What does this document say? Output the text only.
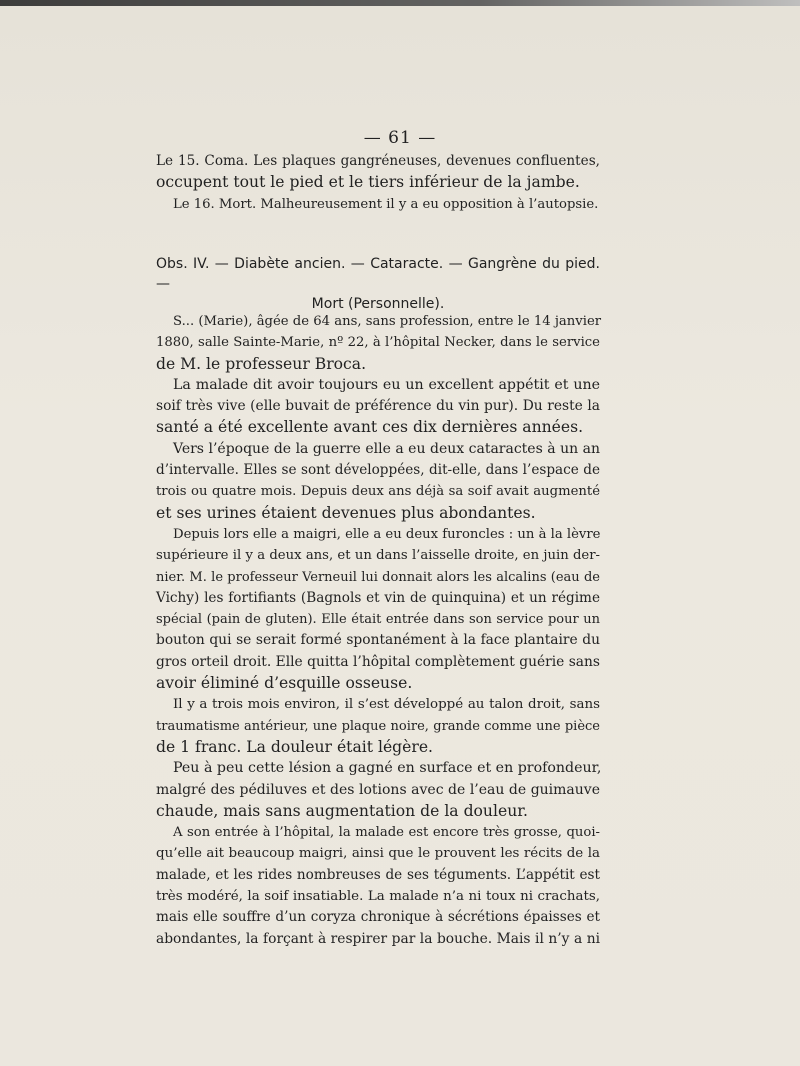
— 61 —
Le 15. Coma. Les plaques gangréneuses, devenues confluentes,
occupent tout le pied et le tiers inférieur de la jambe.
Le 16. Mort. Malheureusement il y a eu opposition à l’autopsie.
Obs. IV. — Diabète ancien. — Cataracte. — Gangrène du pied. —
Mort (Personnelle).
S... (Marie), âgée de 64 ans, sans profession, entre le 14 janvier
1880, salle Sainte-Marie, nº 22, à l’hôpital Necker, dans le service
de M. le professeur Broca.
La malade dit avoir toujours eu un excellent appétit et une
soif très vive (elle buvait de préférence du vin pur). Du reste la
santé a été excellente avant ces dix dernières années.
Vers l’époque de la guerre elle a eu deux cataractes à un an
d’intervalle. Elles se sont développées, dit-elle, dans l’espace de
trois ou quatre mois. Depuis deux ans déjà sa soif avait augmenté
et ses urines étaient devenues plus abondantes.
Depuis lors elle a maigri, elle a eu deux furoncles : un à la lèvre
supérieure il y a deux ans, et un dans l’aisselle droite, en juin der-
nier. M. le professeur Verneuil lui donnait alors les alcalins (eau de
Vichy) les fortifiants (Bagnols et vin de quinquina) et un régime
spécial (pain de gluten). Elle était entrée dans son service pour un
bouton qui se serait formé spontanément à la face plantaire du
gros orteil droit. Elle quitta l’hôpital complètement guérie sans
avoir éliminé d’esquille osseuse.
Il y a trois mois environ, il s’est développé au talon droit, sans
traumatisme antérieur, une plaque noire, grande comme une pièce
de 1 franc. La douleur était légère.
Peu à peu cette lésion a gagné en surface et en profondeur,
malgré des pédiluves et des lotions avec de l’eau de guimauve
chaude, mais sans augmentation de la douleur.
A son entrée à l’hôpital, la malade est encore très grosse, quoi-
qu’elle ait beaucoup maigri, ainsi que le prouvent les récits de la
malade, et les rides nombreuses de ses téguments. L’appétit est
très modéré, la soif insatiable. La malade n’a ni toux ni crachats,
mais elle souffre d’un coryza chronique à sécrétions épaisses et
abondantes, la forçant à respirer par la bouche. Mais il n’y a ni
